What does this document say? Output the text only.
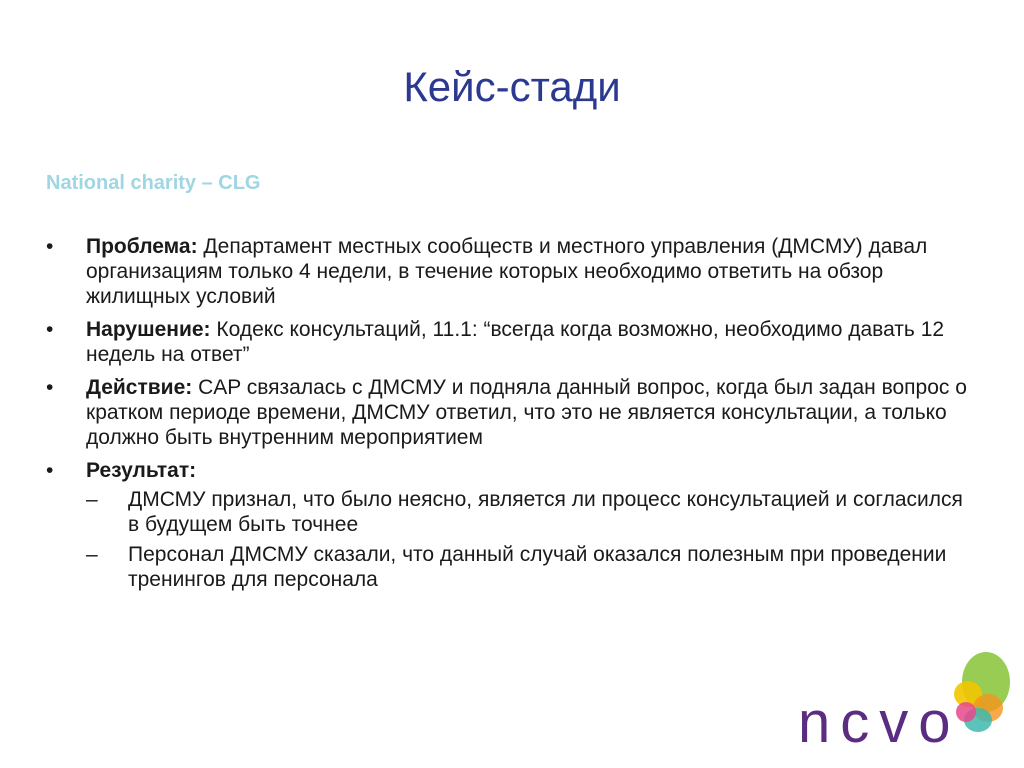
Кейс-стади
National charity – CLG
• Проблема: Департамент местных сообществ и местного управления (ДМСМУ) давал организациям только 4 недели, в течение которых необходимо ответить на обзор жилищных условий
• Нарушение: Кодекс консультаций, 11.1: “всегда когда возможно, необходимо давать 12 недель на ответ”
• Действие: CAP связалась с ДМСМУ и подняла данный вопрос, когда был задан вопрос о кратком периоде времени, ДМСМУ ответил, что это не является консультации, а только должно быть внутренним мероприятием
• Результат:
– ДМСМУ признал, что было неясно, является ли процесс консультацией и согласился в будущем быть точнее
– Персонал ДМСМУ сказали, что данный случай оказался полезным при проведении тренингов для персонала
ncvo
